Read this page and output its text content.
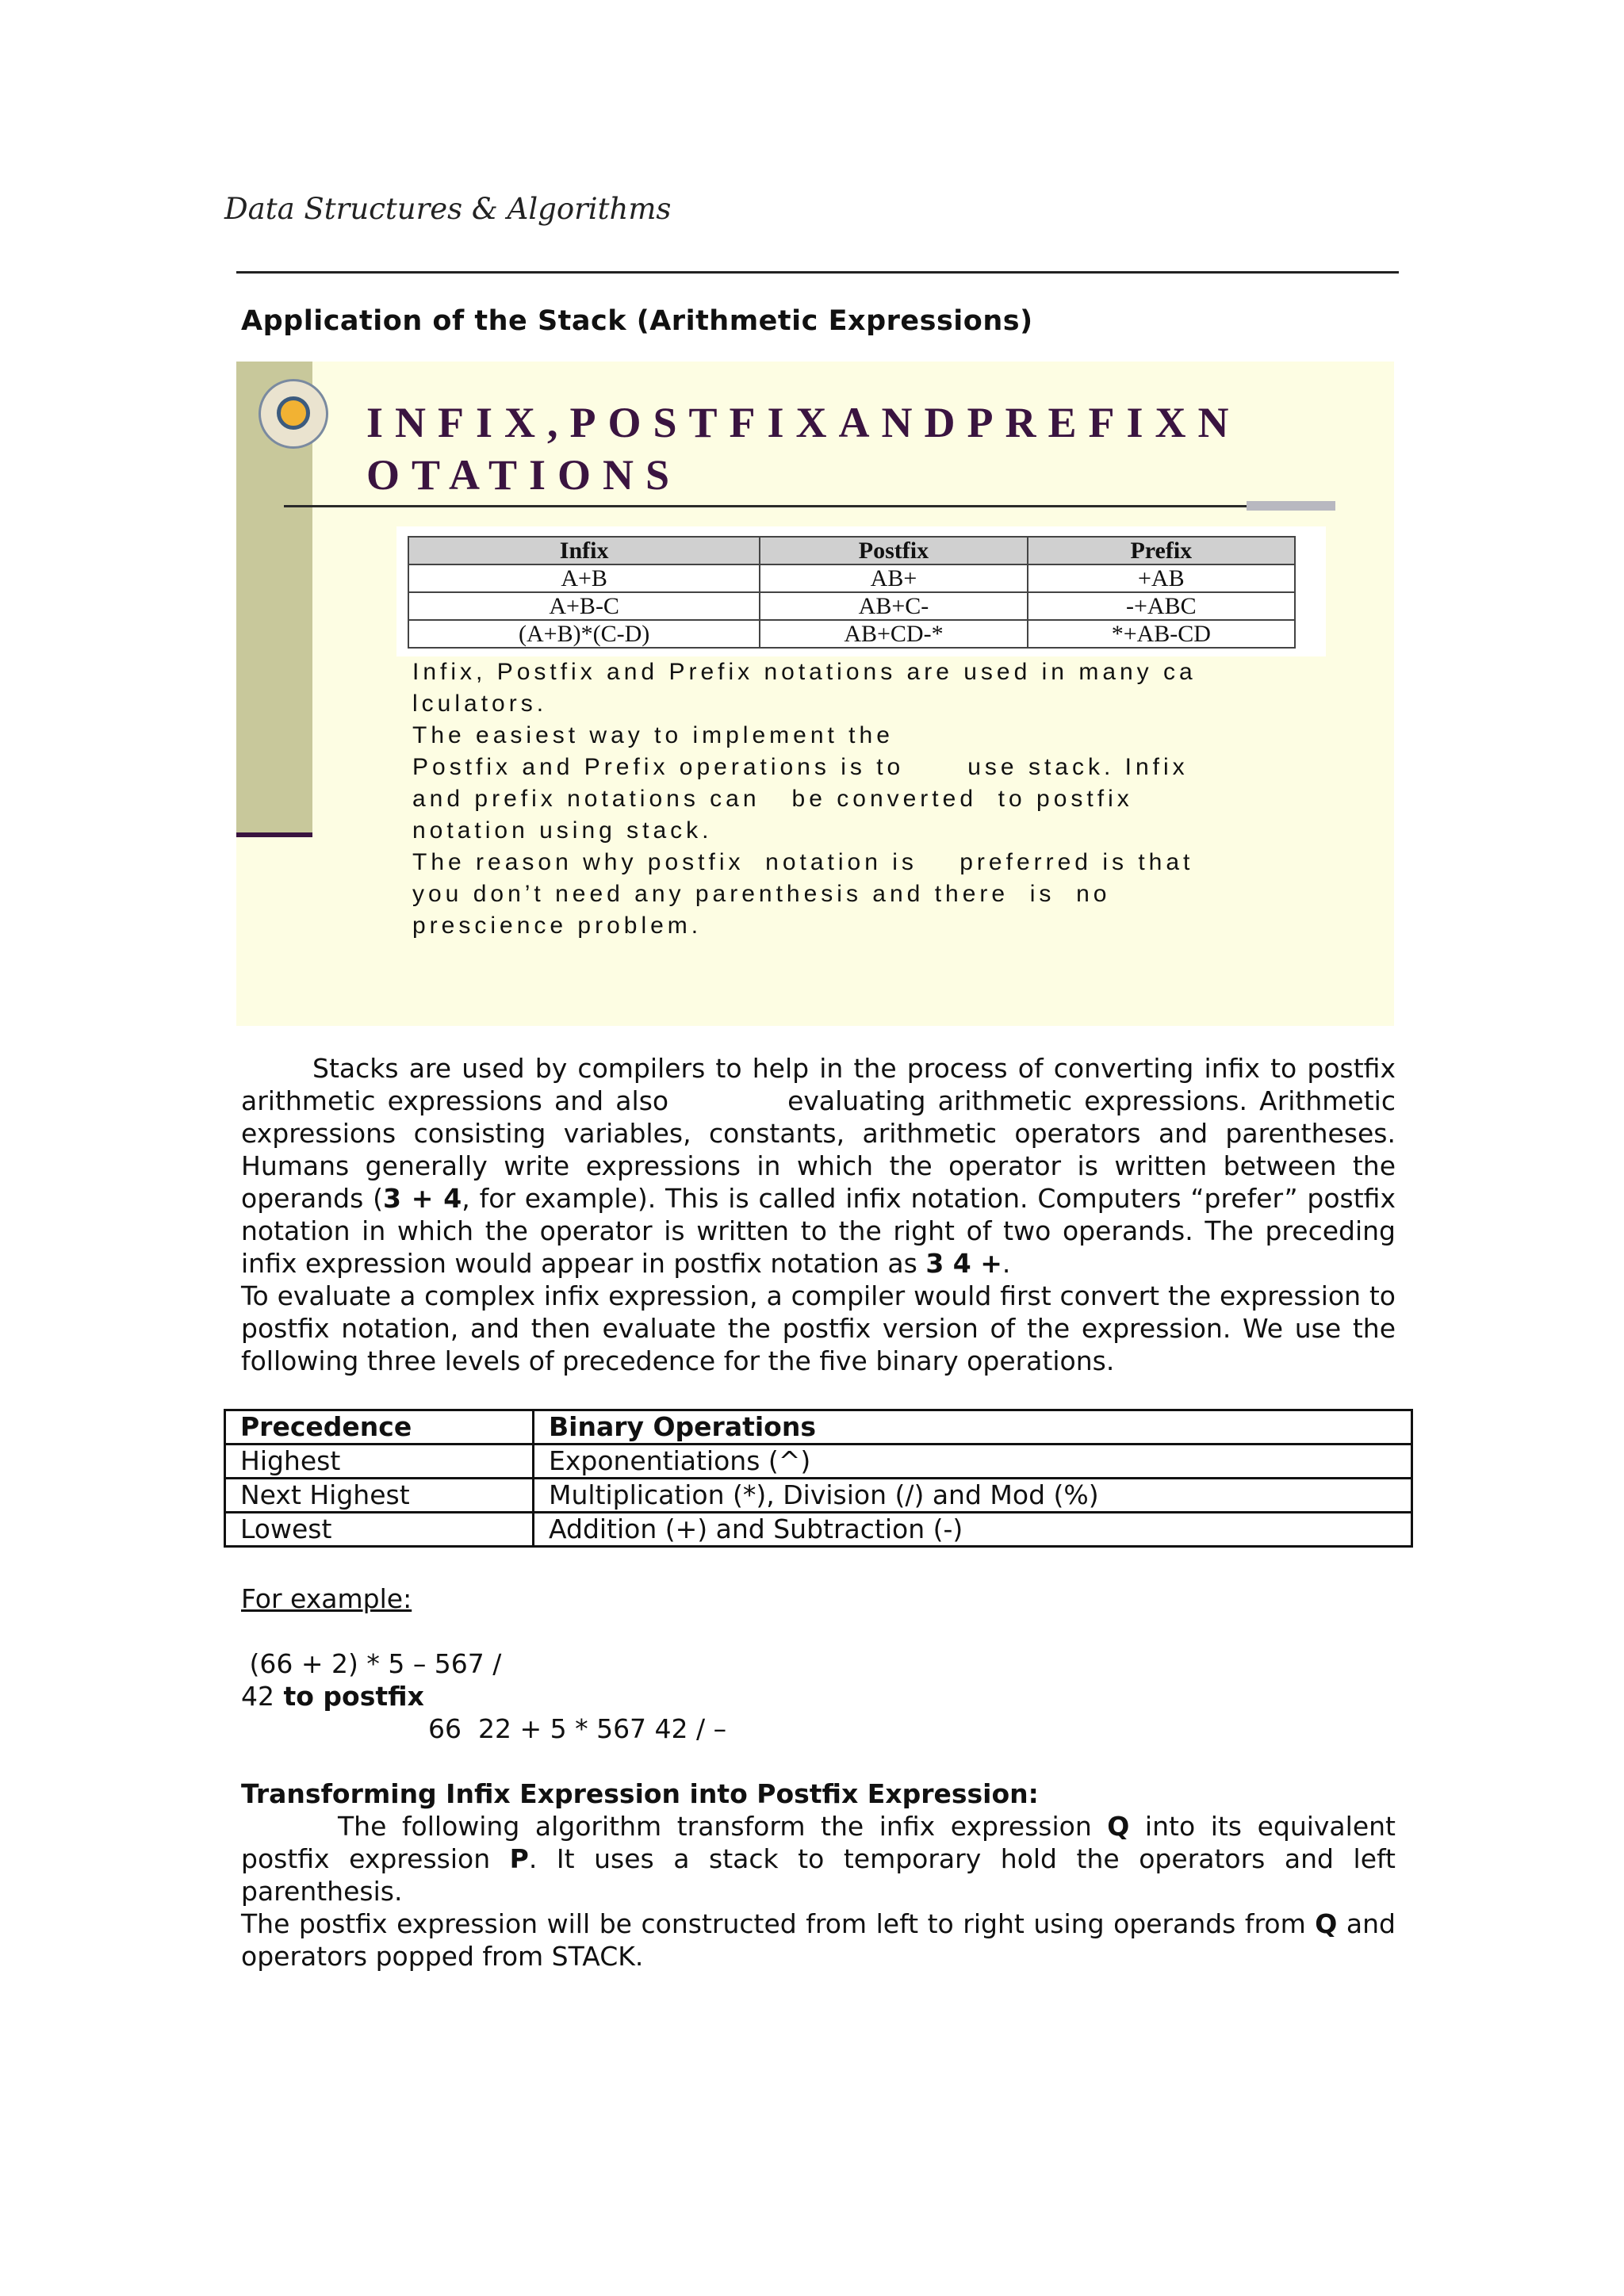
Data Structures & Algorithms
Application of the Stack (Arithmetic Expressions)
INFIX,POSTFIXANDPREFIXN
OTATIONS
Infix	Postfix	Prefix
A+B	AB+	+AB
A+B-C	AB+C-	-+ABC
(A+B)*(C-D)	AB+CD-*	*+AB-CD
Infix, Postfix and Prefix notations are used in many ca
lculators.
The easiest way to implement the
Postfix and Prefix operations is to      use stack. Infix
and prefix notations can   be converted  to postfix
notation using stack.
The reason why postfix  notation is    preferred is that
you don’t need any parenthesis and there  is  no
prescience problem.
Stacks are used by compilers to help in the process of converting infix to postfix arithmetic expressions and also	evaluating arithmetic expressions. Arithmetic expressions consisting variables, constants, arithmetic operators and parentheses. Humans generally write expressions in which the operator is written between the operands (3 + 4, for example). This is called infix notation. Computers “prefer” postfix notation in which the operator is written to the right of two operands. The preceding infix expression would appear in postfix notation as 3 4 +.
To evaluate a complex infix expression, a compiler would first convert the expression to postfix notation, and then evaluate the postfix version of the expression. We use the following three levels of precedence for the five binary operations.
Precedence	Binary Operations
Highest	Exponentiations (^)
Next Highest	Multiplication (*), Division (/) and Mod (%)
Lowest	Addition (+) and Subtraction (-)
For example:
(66 + 2) * 5 – 567 /
42 to postfix
66  22 + 5 * 567 42 / –
Transforming Infix Expression into Postfix Expression:
The following algorithm transform the infix expression Q into its equivalent postfix expression P. It uses a stack to temporary hold the operators and left parenthesis.
The postfix expression will be constructed from left to right using operands from Q and operators popped from STACK.
